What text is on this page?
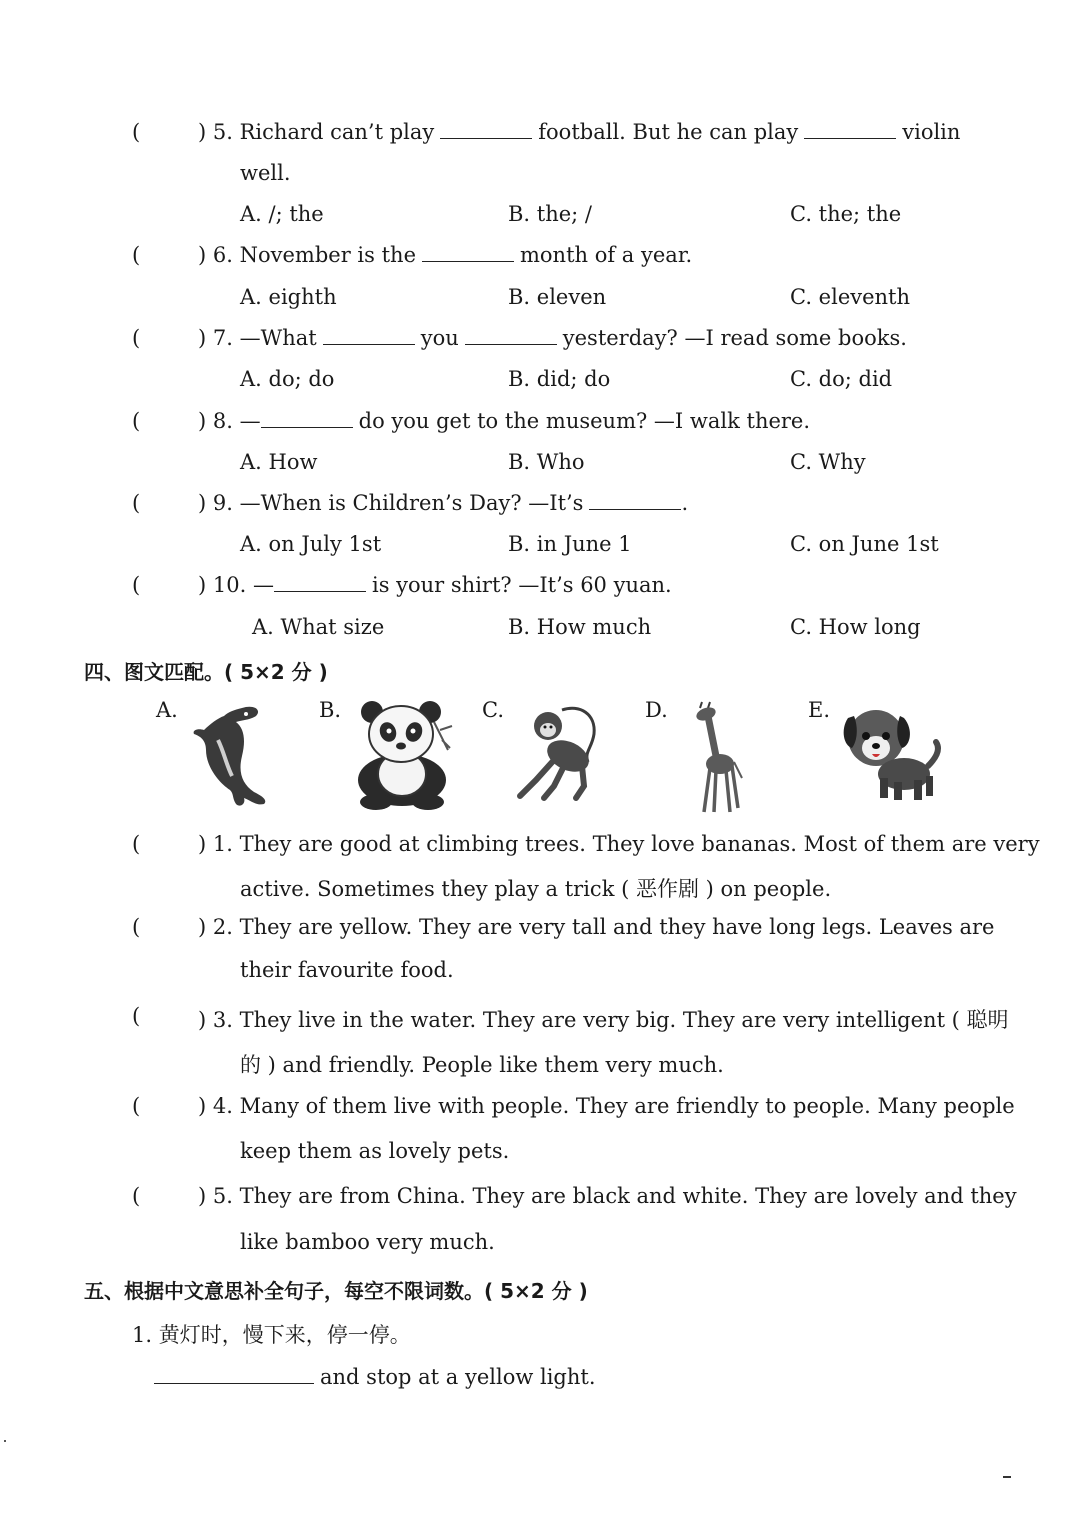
(	) 5. Richard can’t play	football. But he can play	violin
well.
A. /; the	B. the; /	C. the; the
(	) 6. November is the	month of a year.
A. eighth	B. eleven	C. eleventh
(	) 7. —What	you	yesterday? —I read some books.
A. do; do	B. did; do	C. do; did
(	) 8. —	do you get to the museum? —I walk there.
A. How	B. Who	C. Why
(	) 9. —When is Children’s Day? —It’s	.
A. on July 1st	B. in June 1	C. on June 1st
(	) 10. —	is your shirt? —It’s 60 yuan.
A. What size	B. How much	C. How long
四、图文匹配。( 5×2 分 )
A.	B.	C.	D.	E.
(	) 1. They are good at climbing trees. They love bananas. Most of them are very
active. Sometimes they play a trick ( 恶作剧 ) on people.
(	) 2. They are yellow. They are very tall and they have long legs. Leaves are
their favourite food.
(	) 3. They live in the water. They are very big. They are very intelligent ( 聪明
的 ) and friendly. People like them very much.
(	) 4. Many of them live with people. They are friendly to people. Many people
keep them as lovely pets.
(	) 5. They are from China. They are black and white. They are lovely and they
like bamboo very much.
五、根据中文意思补全句子，每空不限词数。( 5×2 分 )
1. 黄灯时，慢下来，停一停。
and stop at a yellow light.
